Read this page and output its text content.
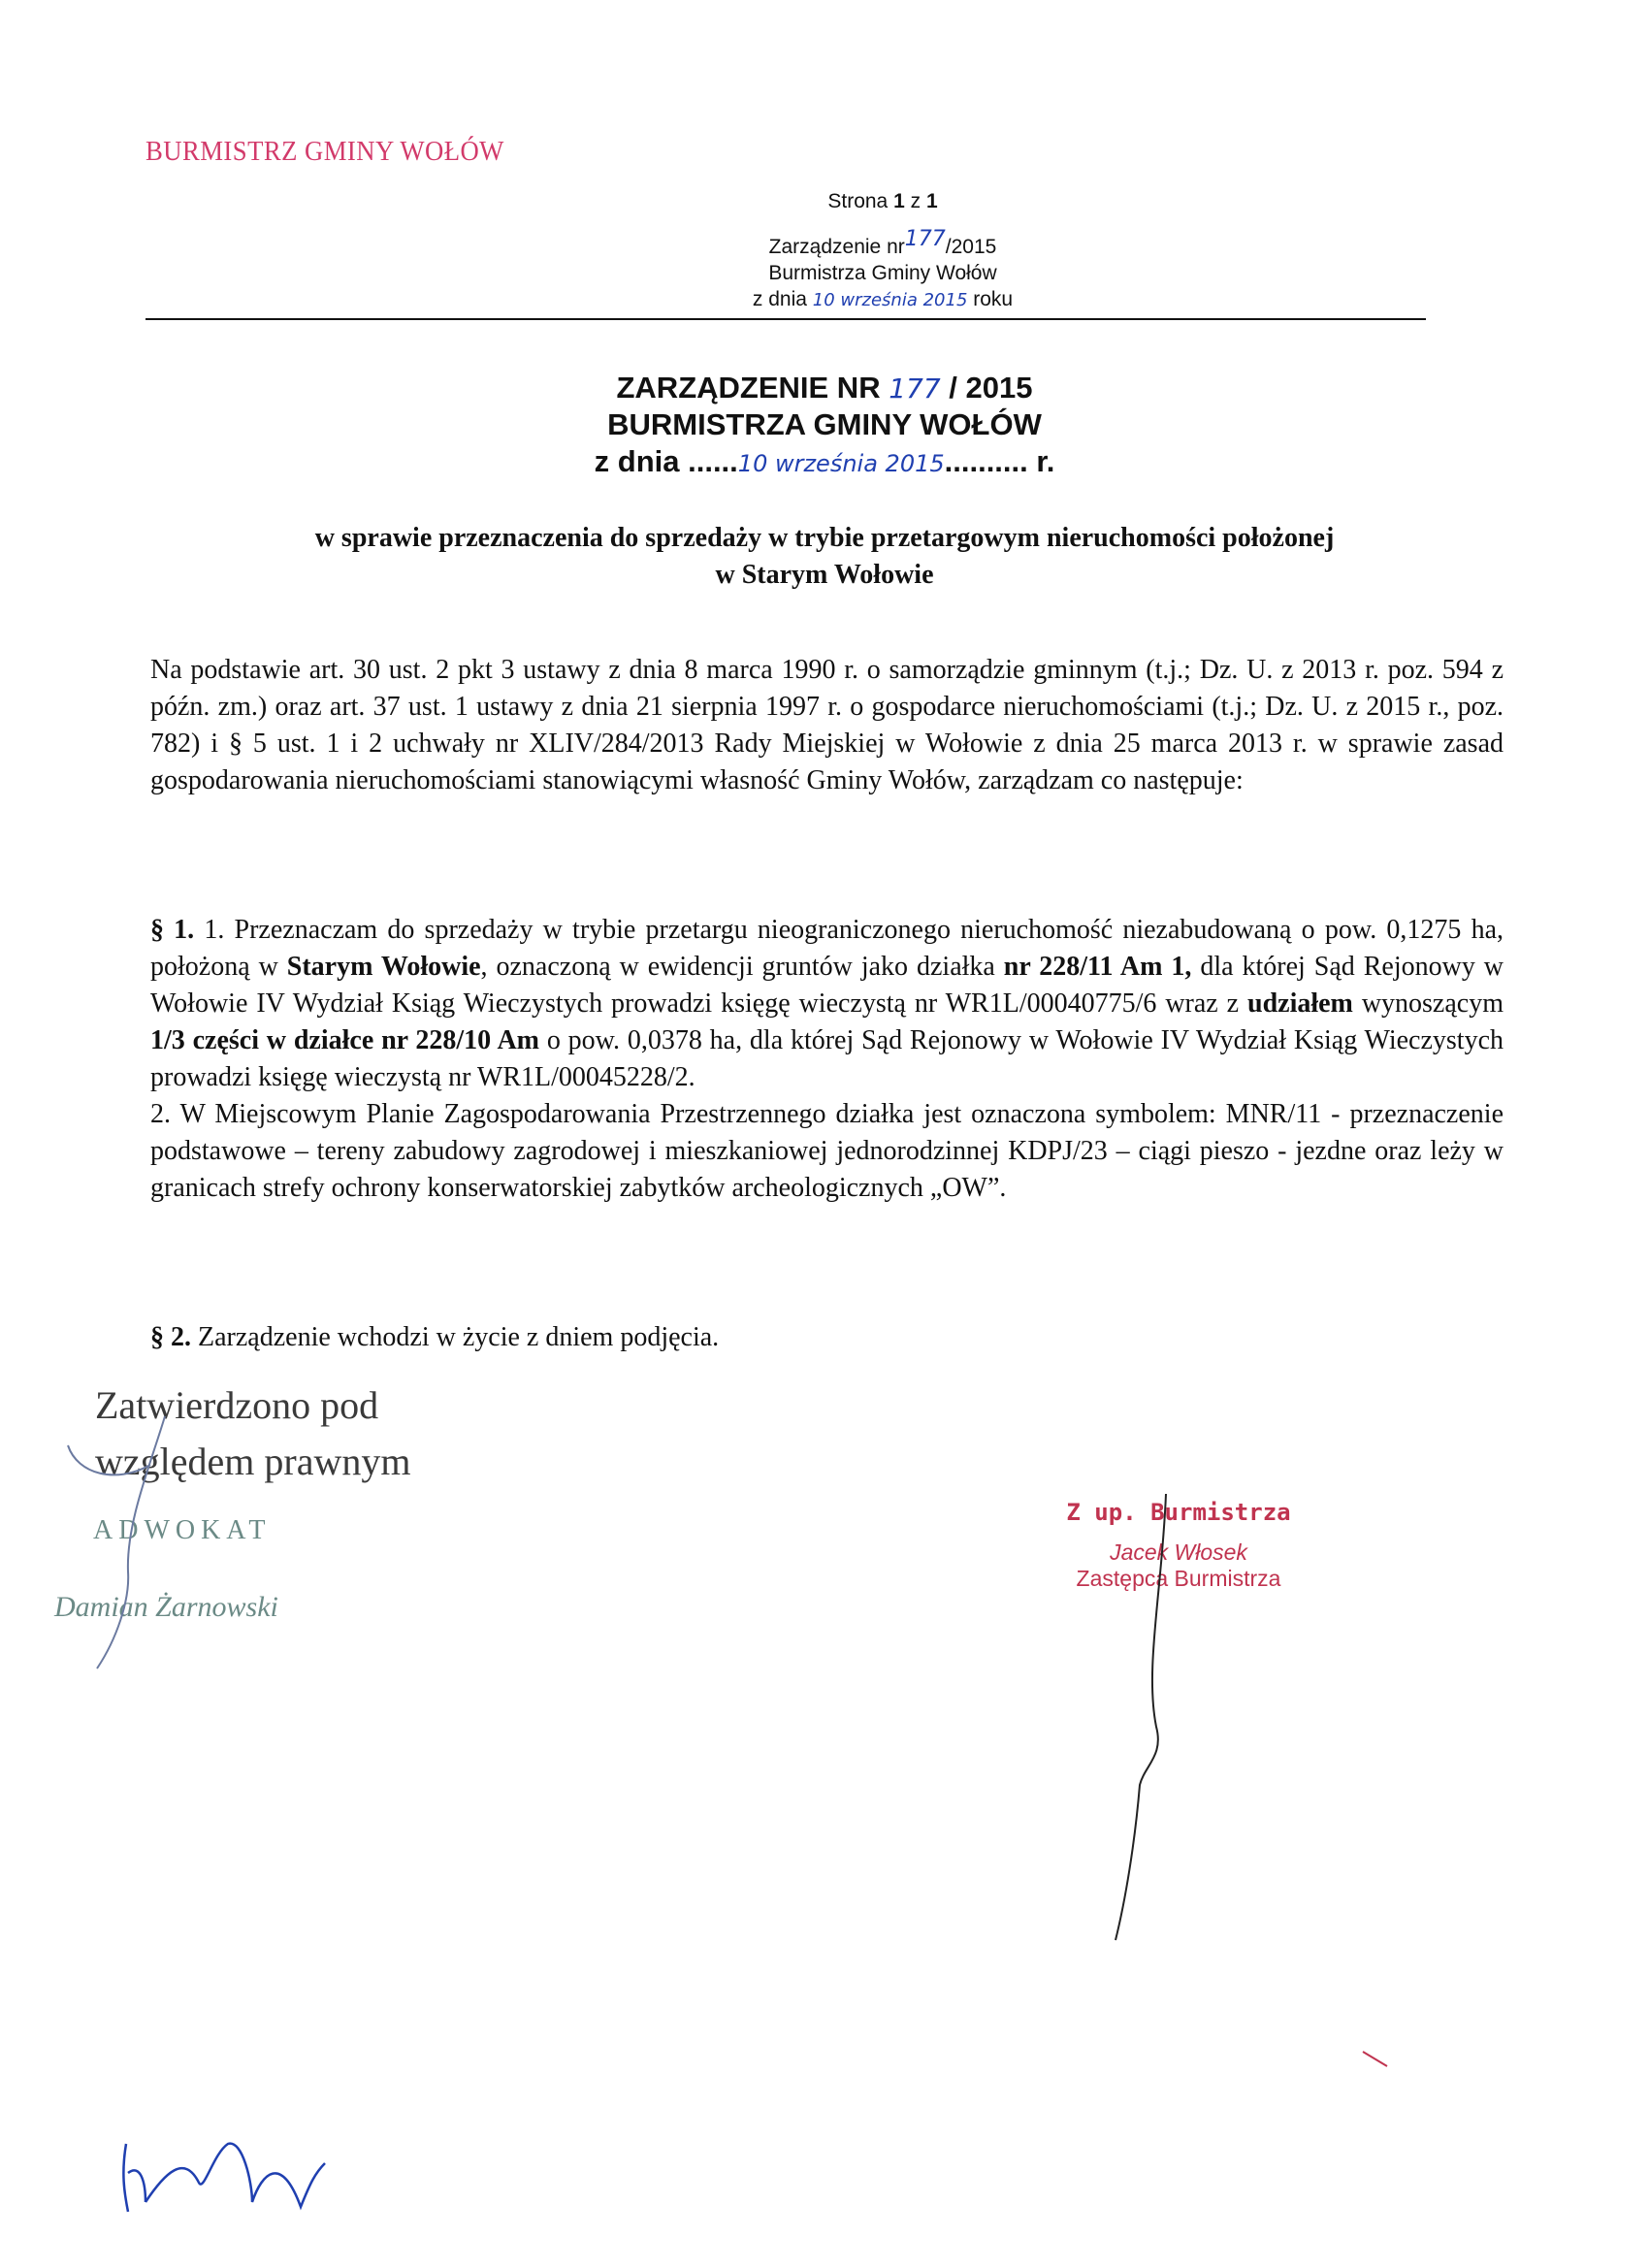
BURMISTRZ GMINY WOŁÓW
Strona 1 z 1
Zarządzenie nr177/2015
Burmistrza Gminy Wołów
z dnia 10 września 2015 roku
ZARZĄDZENIE NR 177 / 2015
BURMISTRZA GMINY WOŁÓW
z dnia ......10 września 2015.......... r.
w sprawie przeznaczenia do sprzedaży w trybie przetargowym nieruchomości położonej
w Starym Wołowie
Na podstawie art. 30 ust. 2 pkt 3 ustawy z dnia 8 marca 1990 r. o samorządzie gminnym (t.j.; Dz. U. z 2013 r. poz. 594 z późn. zm.) oraz art. 37 ust. 1 ustawy z dnia 21 sierpnia 1997 r. o gospodarce nieruchomościami (t.j.; Dz. U. z 2015 r., poz. 782) i § 5 ust. 1 i 2 uchwały nr XLIV/284/2013 Rady Miejskiej w Wołowie z dnia 25 marca 2013 r. w sprawie zasad gospodarowania nieruchomościami stanowiącymi własność Gminy Wołów, zarządzam co następuje:
§ 1. 1. Przeznaczam do sprzedaży w trybie przetargu nieograniczonego nieruchomość niezabudowaną o pow. 0,1275 ha, położoną w Starym Wołowie, oznaczoną w ewidencji gruntów jako działka nr 228/11 Am 1, dla której Sąd Rejonowy w Wołowie IV Wydział Ksiąg Wieczystych prowadzi księgę wieczystą nr WR1L/00040775/6 wraz z udziałem wynoszącym 1/3 części w działce nr 228/10 Am o pow. 0,0378 ha, dla której Sąd Rejonowy w Wołowie IV Wydział Ksiąg Wieczystych prowadzi księgę wieczystą nr WR1L/00045228/2.
2. W Miejscowym Planie Zagospodarowania Przestrzennego działka jest oznaczona symbolem: MNR/11 - przeznaczenie podstawowe – tereny zabudowy zagrodowej i mieszkaniowej jednorodzinnej KDPJ/23 – ciągi pieszo - jezdne oraz leży w granicach strefy ochrony konserwatorskiej zabytków archeologicznych „OW”.
§ 2. Zarządzenie wchodzi w życie z dniem podjęcia.
Zatwierdzono pod
względem prawnym
ADWOKAT
Damian Żarnowski
Z up. Burmistrza
Jacek Włosek
Zastępca Burmistrza
